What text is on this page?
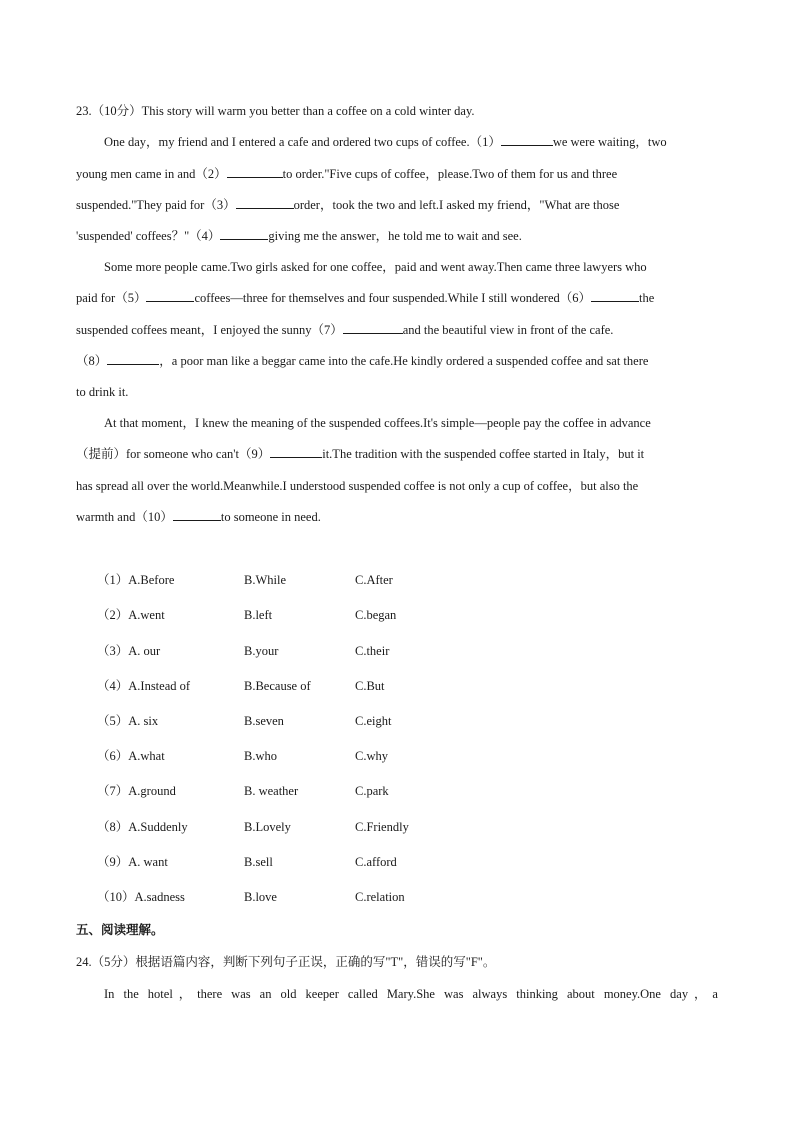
23.（10分）This story will warm you better than a coffee on a cold winter day.
One day，my friend and I entered a cafe and ordered two cups of coffee.（1）	we were waiting，two
young men came in and（2）	to order."Five cups of coffee，please.Two of them for us and three
suspended."They paid for（3）	order，took the two and left.I asked my friend，"What are those
'suspended' coffees？"（4）	giving me the answer，he told me to wait and see.
Some more people came.Two girls asked for one coffee，paid and went away.Then came three lawyers who
paid for（5）	coffees—three for themselves and four suspended.While I still wondered（6）	the
suspended coffees meant，I enjoyed the sunny（7）	and the beautiful view in front of the cafe.
（8）	，a poor man like a beggar came into the cafe.He kindly ordered a suspended coffee and sat there
to drink it.
At that moment，I knew the meaning of the suspended coffees.It's simple—people pay the coffee in advance
（提前）for someone who can't（9）	it.The tradition with the suspended coffee started in Italy，but it
has spread all over the world.Meanwhile.I understood suspended coffee is not only a cup of coffee，but also the
warmth and（10）	to someone in need.
（1）A.Before	B.While	C.After
（2）A.went	B.left	C.began
（3）A. our	B.your	C.their
（4）A.Instead of	B.Because of	C.But
（5）A. six	B.seven	C.eight
（6）A.what	B.who	C.why
（7）A.ground	B. weather	C.park
（8）A.Suddenly	B.Lovely	C.Friendly
（9）A. want	B.sell	C.afford
（10）A.sadness	B.love	C.relation
五、阅读理解。
24.（5分）根据语篇内容，判断下列句子正误，正确的写"T"，错误的写"F"。
In the hotel，there was an old keeper called Mary.She was always thinking about money.One day，a
